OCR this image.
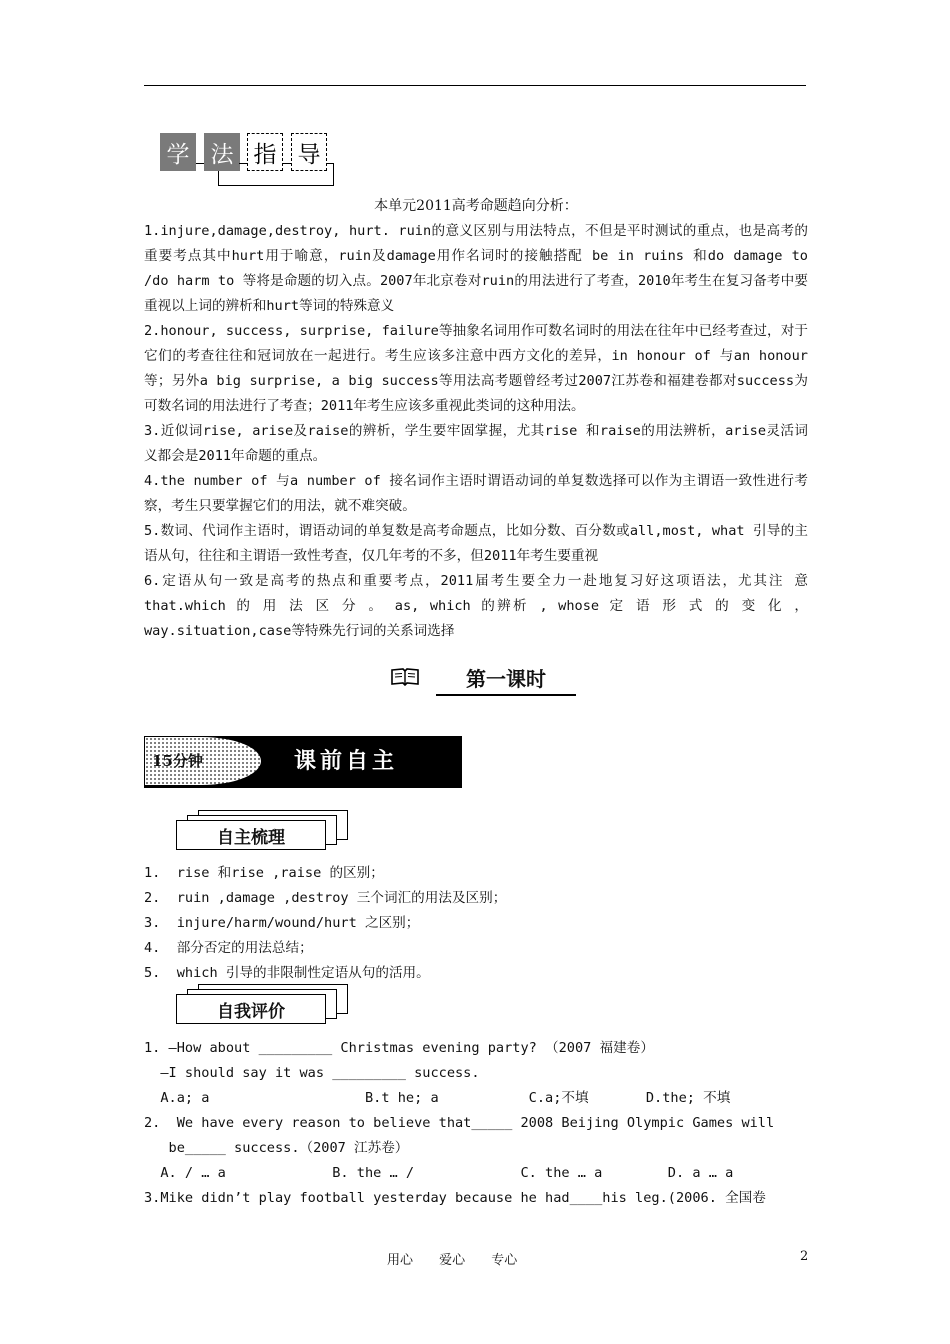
学 法 指 导

本单元2011高考命题趋向分析：

1.injure,damage,destroy, hurt. ruin的意义区别与用法特点，不但是平时测试的重点，也是高考的重要考点其中hurt用于喻意，ruin及damage用作名词时的接触搭配 be in ruins 和do damage to /do harm to 等将是命题的切入点。2007年北京卷对ruin的用法进行了考查，2010年考生在复习备考中要重视以上词的辨析和hurt等词的特殊意义

2.honour, success, surprise, failure等抽象名词用作可数名词时的用法在往年中已经考查过，对于它们的考查往往和冠词放在一起进行。考生应该多注意中西方文化的差异，in honour of 与an honour等；另外a big surprise, a big success等用法高考题曾经考过2007江苏卷和福建卷都对success为可数名词的用法进行了考查；2011年考生应该多重视此类词的这种用法。

3.近似词rise, arise及raise的辨析，学生要牢固掌握，尤其rise 和raise的用法辨析，arise灵活词义都会是2011年命题的重点。

4.the number of 与a number of 接名词作主语时谓语动词的单复数选择可以作为主谓语一致性进行考察，考生只要掌握它们的用法，就不难突破。

5.数词、代词作主语时，谓语动词的单复数是高考命题点，比如分数、百分数或all,most, what 引导的主语从句，往往和主谓语一致性考查，仅几年考的不多，但2011年考生要重视

6.定语从句一致是高考的热点和重要考点，2011届考生要全力一赴地复习好这项语法，尤其注 意 that.which 的 用 法 区 分 。 as, which 的辨析 , whose 定 语 形 式 的 变 化 ， way.situation,case等特殊先行词的关系词选择

第一课时
15分钟	课前自主
自主梳理
1.  rise 和rise ,raise 的区别；
2.  ruin ,damage ,destroy 三个词汇的用法及区别；
3.  injure/harm/wound/hurt 之区别；
4.  部分否定的用法总结；
5.  which 引导的非限制性定语从句的活用。
自我评价
1. —How about _________ Christmas evening party? （2007 福建卷）
—I should say it was _________ success.
A.a; a                   B.t he; a           C.a;不填       D.the; 不填
2.  We have every reason to believe that_____ 2008 Beijing Olympic Games will
be_____ success.（2007 江苏卷）
A. / … a             B. the … /             C. the … a        D. a … a
3.Mike didn’t play football yesterday because he had____his leg.(2006. 全国卷
用心 爱心 专心	2
